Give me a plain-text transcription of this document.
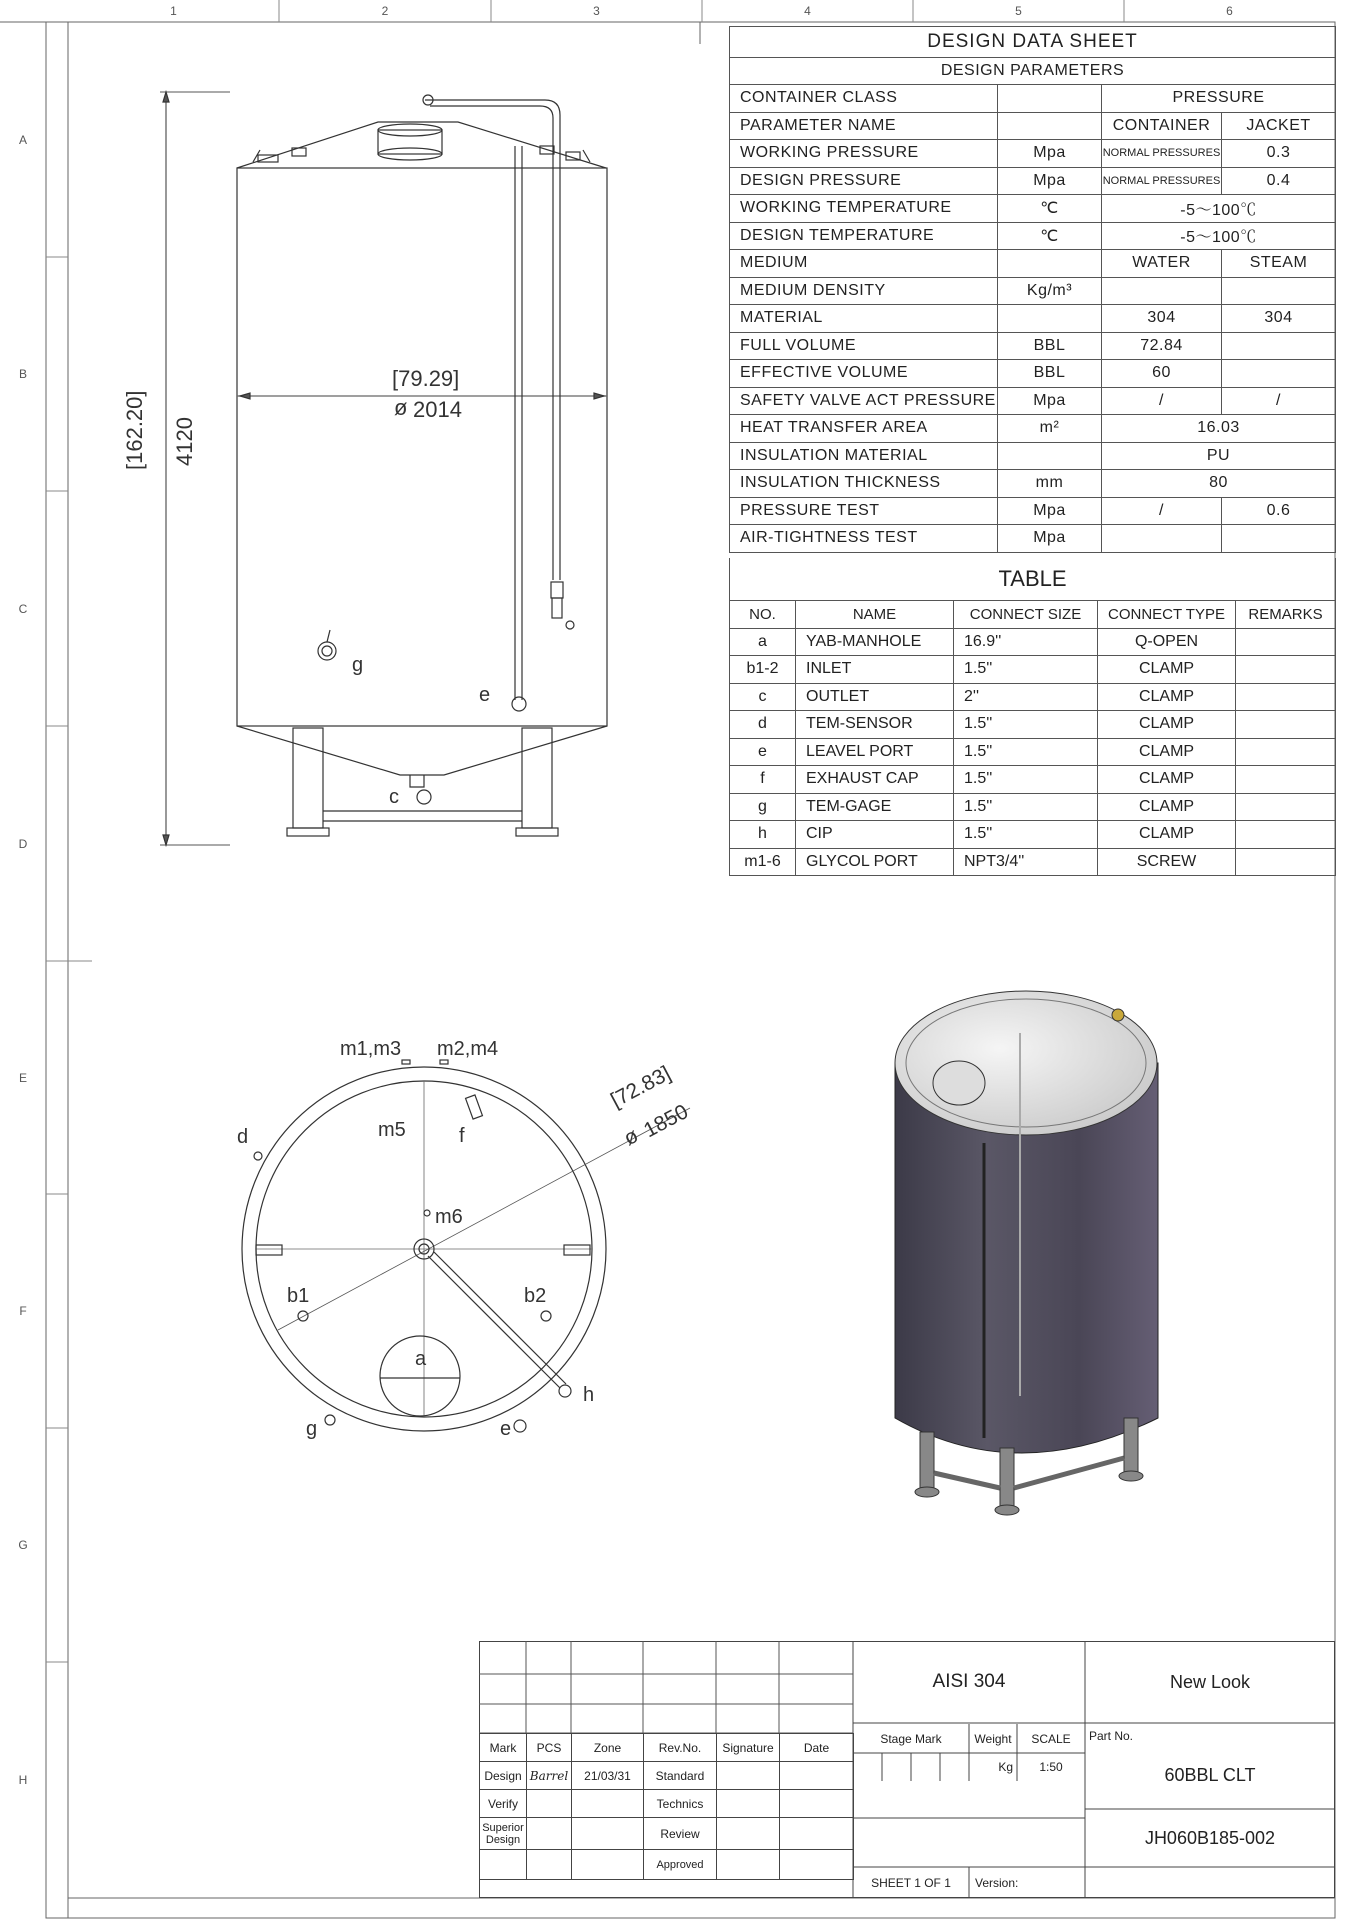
1	2	3	4	5	6
A
B
C
D
E
F
G
H
DESIGN DATA SHEET			
DESIGN PARAMETERS			
CONTAINER CLASS		PRESSURE	
PARAMETER NAME		CONTAINER	JACKET
WORKING PRESSURE	Mpa	NORMAL PRESSURES	0.3
DESIGN PRESSURE	Mpa	NORMAL PRESSURES	0.4
WORKING TEMPERATURE	℃	-5～100℃	
DESIGN TEMPERATURE	℃	-5～100℃	
MEDIUM		WATER	STEAM
MEDIUM DENSITY	Kg/m³		
MATERIAL		304	304
FULL VOLUME	BBL	72.84	
EFFECTIVE VOLUME	BBL	60	
SAFETY VALVE ACT PRESSURE	Mpa	/	/
HEAT TRANSFER AREA	m²	16.03	
INSULATION MATERIAL		PU	
INSULATION THICKNESS	mm	80	
PRESSURE TEST	Mpa	/	0.6
AIR-TIGHTNESS TEST	Mpa		
TABLE				
NO.	NAME	CONNECT SIZE	CONNECT TYPE	REMARKS
a	YAB-MANHOLE	16.9''	Q-OPEN	
b1-2	INLET	1.5''	CLAMP	
c	OUTLET	2''	CLAMP	
d	TEM-SENSOR	1.5''	CLAMP	
e	LEAVEL PORT	1.5''	CLAMP	
f	EXHAUST CAP	1.5''	CLAMP	
g	TEM-GAGE	1.5''	CLAMP	
h	CIP	1.5''	CLAMP	
m1-6	GLYCOL PORT	NPT3/4''	SCREW	
[79.29]
2014
ø
[162.20] 4120
g
e
c
m1,m3 m2,m4
m5
m6
d	f
b1	b2
a
h
g	e
[72.83]
1850
ø
Mark	PCS	Zone	Rev.No.	Signature	Date
Design	Barrel	21/03/31	Standard		
Verify			Technics		
Superior Design			Review		
			Approved		
AISI 304
Stage Mark	Weight	SCALE
Kg	1:50
SHEET 1 OF 1	Version:
New Look
Part No.
60BBL CLT
JH060B185-002
